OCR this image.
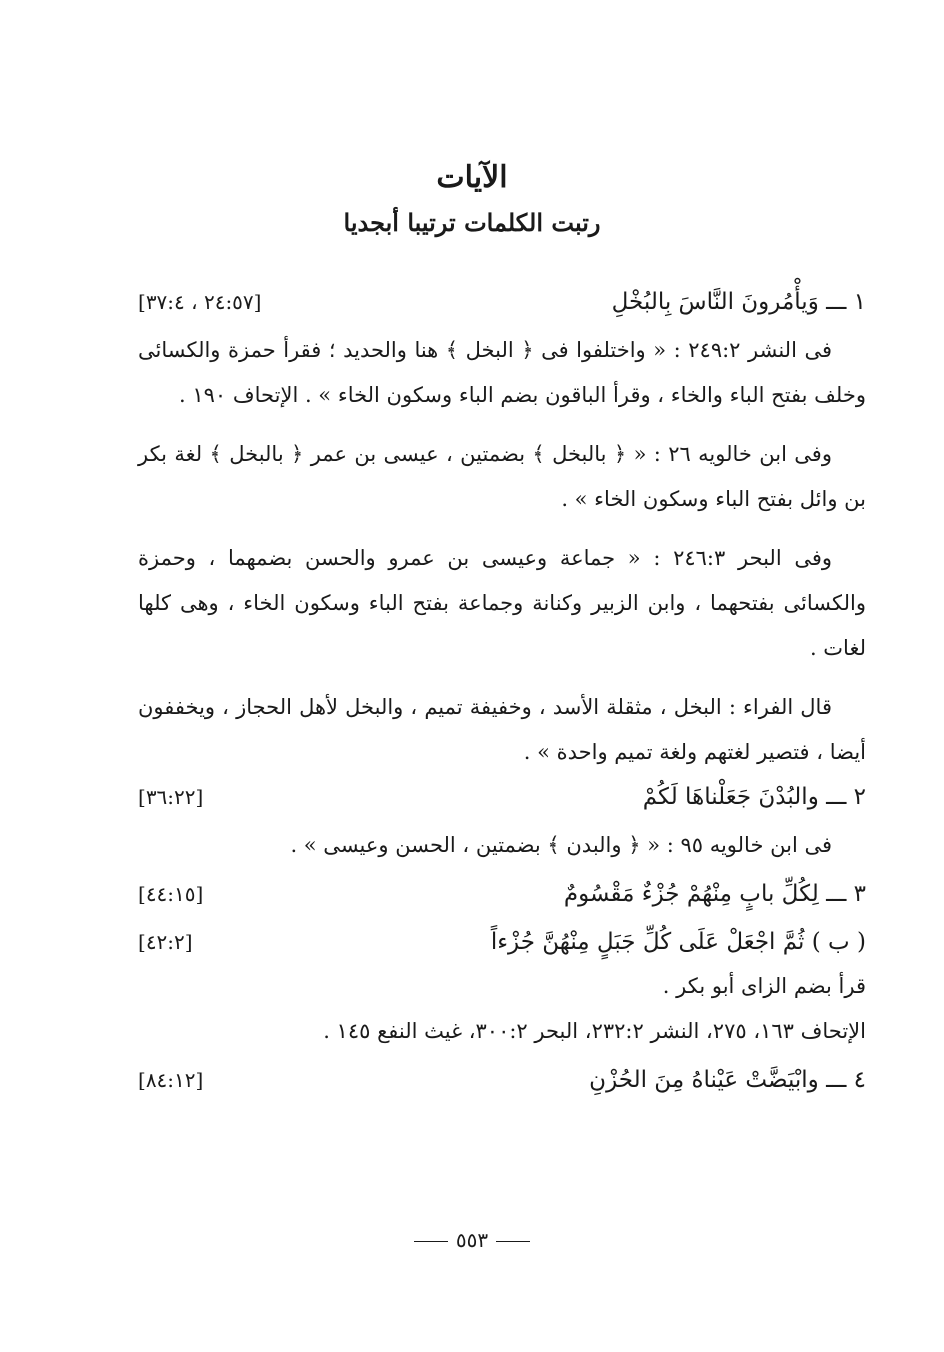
الآيات
رتبت الكلمات ترتيبا أبجديا
١ ـــ وَيأْمُرونَ النَّاسَ بِالبُخْلِ
[٢٤:٥٧ ، ٣٧:٤]

فى النشر ٢٤٩:٢ : « واختلفوا فى ﴿ البخل ﴾ هنا والحديد ؛ فقرأ حمزة والكسائى وخلف بفتح الباء والخاء ، وقرأ الباقون بضم الباء وسكون الخاء » . الإتحاف ١٩٠ .

وفى ابن خالويه ٢٦ : « ﴿ بالبخل ﴾ بضمتين ، عيسى بن عمر ﴿ بالبخل ﴾ لغة بكر بن وائل بفتح الباء وسكون الخاء » .

وفى البحر ٢٤٦:٣ : « جماعة وعيسى بن عمرو والحسن بضمهما ، وحمزة والكسائى بفتحهما ، وابن الزبير وكنانة وجماعة بفتح الباء وسكون الخاء ، وهى كلها لغات .

قال الفراء : البخل ، مثقلة الأسد ، وخفيفة تميم ، والبخل لأهل الحجاز ، ويخففون أيضا ، فتصير لغتهم ولغة تميم واحدة » .

٢ ـــ والبُدْنَ جَعَلْناهَا لَكُمْ
[٣٦:٢٢]

فى ابن خالويه ٩٥ : « ﴿ والبدن ﴾ بضمتين ، الحسن وعيسى » .

٣ ـــ لِكُلِّ بابٍ مِنْهُمْ جُزْءٌ مَقْسُومٌ
[٤٤:١٥]
( ب ) ثُمَّ اجْعَلْ عَلَى كُلِّ جَبَلٍ مِنْهُنَّ جُزْءاً
[٤٢:٢]

قرأ بضم الزاى أبو بكر .

الإتحاف ١٦٣، ٢٧٥، النشر ٢٣٢:٢، البحر ٣٠٠:٢، غيث النفع ١٤٥ .

٤ ـــ وابْيَضَّتْ عَيْناهُ مِنَ الحُزْنِ
[٨٤:١٢]
٥٥٣
